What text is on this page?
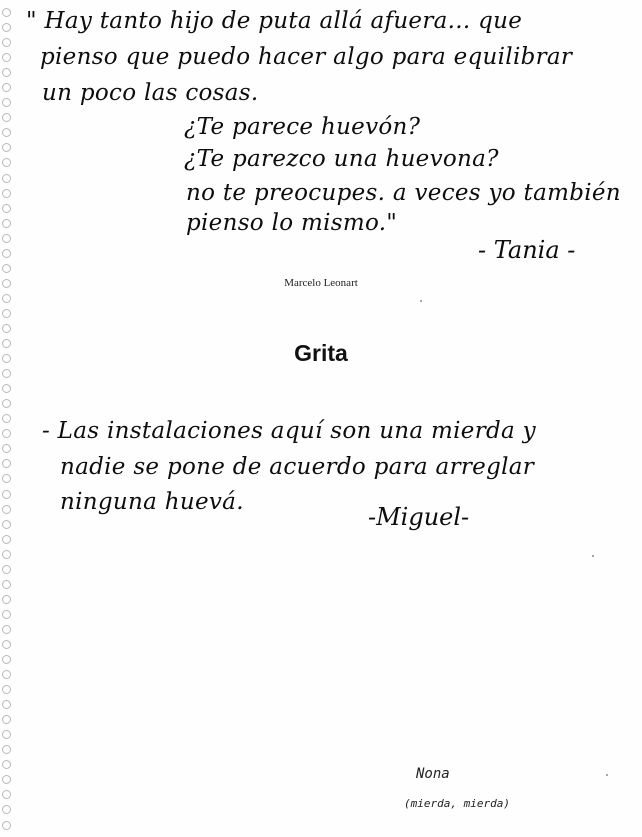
" Hay tanto hijo de puta allá afuera... que
pienso que puedo hacer algo para equilibrar
un poco las cosas.
¿Te parece huevón?
¿Te parezco una huevona?
no te preocupes. a veces yo también
pienso lo mismo."
- Tania -
Marcelo Leonart
Grita
- Las instalaciones aquí son una mierda y
nadie se pone de acuerdo para arreglar
ninguna huevá.
-Miguel-
Nona
(mierda, mierda)
